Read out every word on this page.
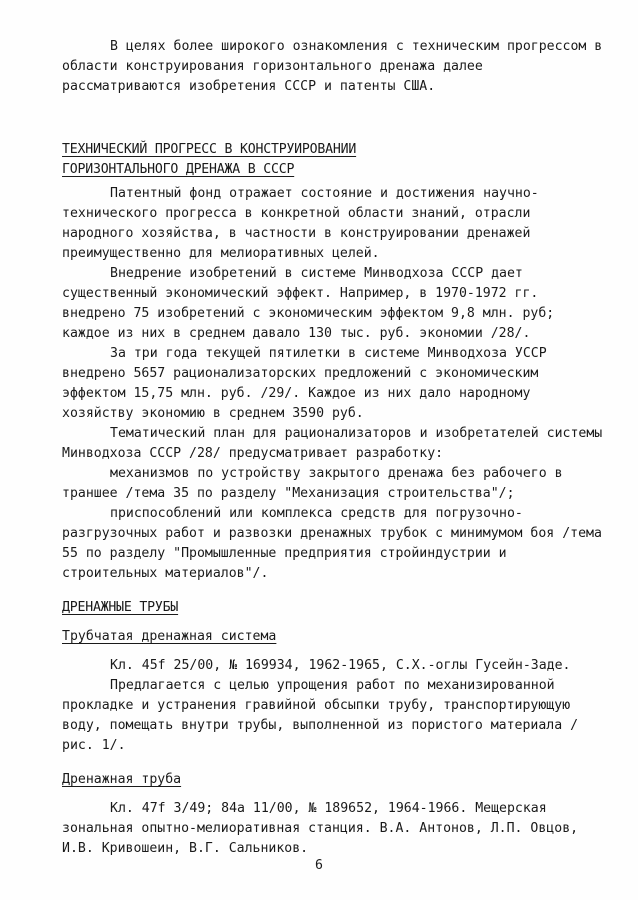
В целях более широкого ознакомления с техническим прогрессом в области конструирования горизонтального дренажа далее рассматриваются изобретения СССР и патенты США.

ТЕХНИЧЕСКИЙ ПРОГРЕСС В КОНСТРУИРОВАНИИ
ГОРИЗОНТАЛЬНОГО ДРЕНАЖА В СССР

Патентный фонд отражает состояние и достижения научно-технического прогресса в конкретной области знаний, отрасли народного хозяйства, в частности в конструировании дренажей преимущественно для мелиоративных целей.

Внедрение изобретений в системе Минводхоза СССР дает существенный экономический эффект. Например, в 1970-1972 гг. внедрено 75 изобретений с экономическим эффектом 9,8 млн. руб; каждое из них в среднем давало 130 тыс. руб. экономии /28/.

За три года текущей пятилетки в системе Минводхоза УССР внедрено 5657 рационализаторских предложений с экономическим эффектом 15,75 млн. руб. /29/. Каждое из них дало народному хозяйству экономию в среднем 3590 руб.

Тематический план для рационализаторов и изобретателей системы Минводхоза СССР /28/ предусматривает разработку:

механизмов по устройству закрытого дренажа без рабочего в траншее /тема 35 по разделу "Механизация строительства"/;

приспособлений или комплекса средств для погрузочно-разгрузочных работ и развозки дренажных трубок с минимумом боя /тема 55 по разделу "Промышленные предприятия стройиндустрии и строительных материалов"/.

ДРЕНАЖНЫЕ ТРУБЫ
Трубчатая дренажная система

Кл. 45f 25/00, № 169934, 1962-1965, С.Х.-оглы Гусейн-Заде.

Предлагается с целью упрощения работ по механизированной прокладке и устранения гравийной обсыпки трубу, транспортирующую воду, помещать внутри трубы, выполненной из пористого материала /рис. 1/.

Дренажная труба

Кл. 47f 3/49; 84а 11/00, № 189652, 1964-1966. Мещерская зональная опытно-мелиоративная станция. В.А. Антонов, Л.П. Овцов, И.В. Кривошеин, В.Г. Сальников.

6
